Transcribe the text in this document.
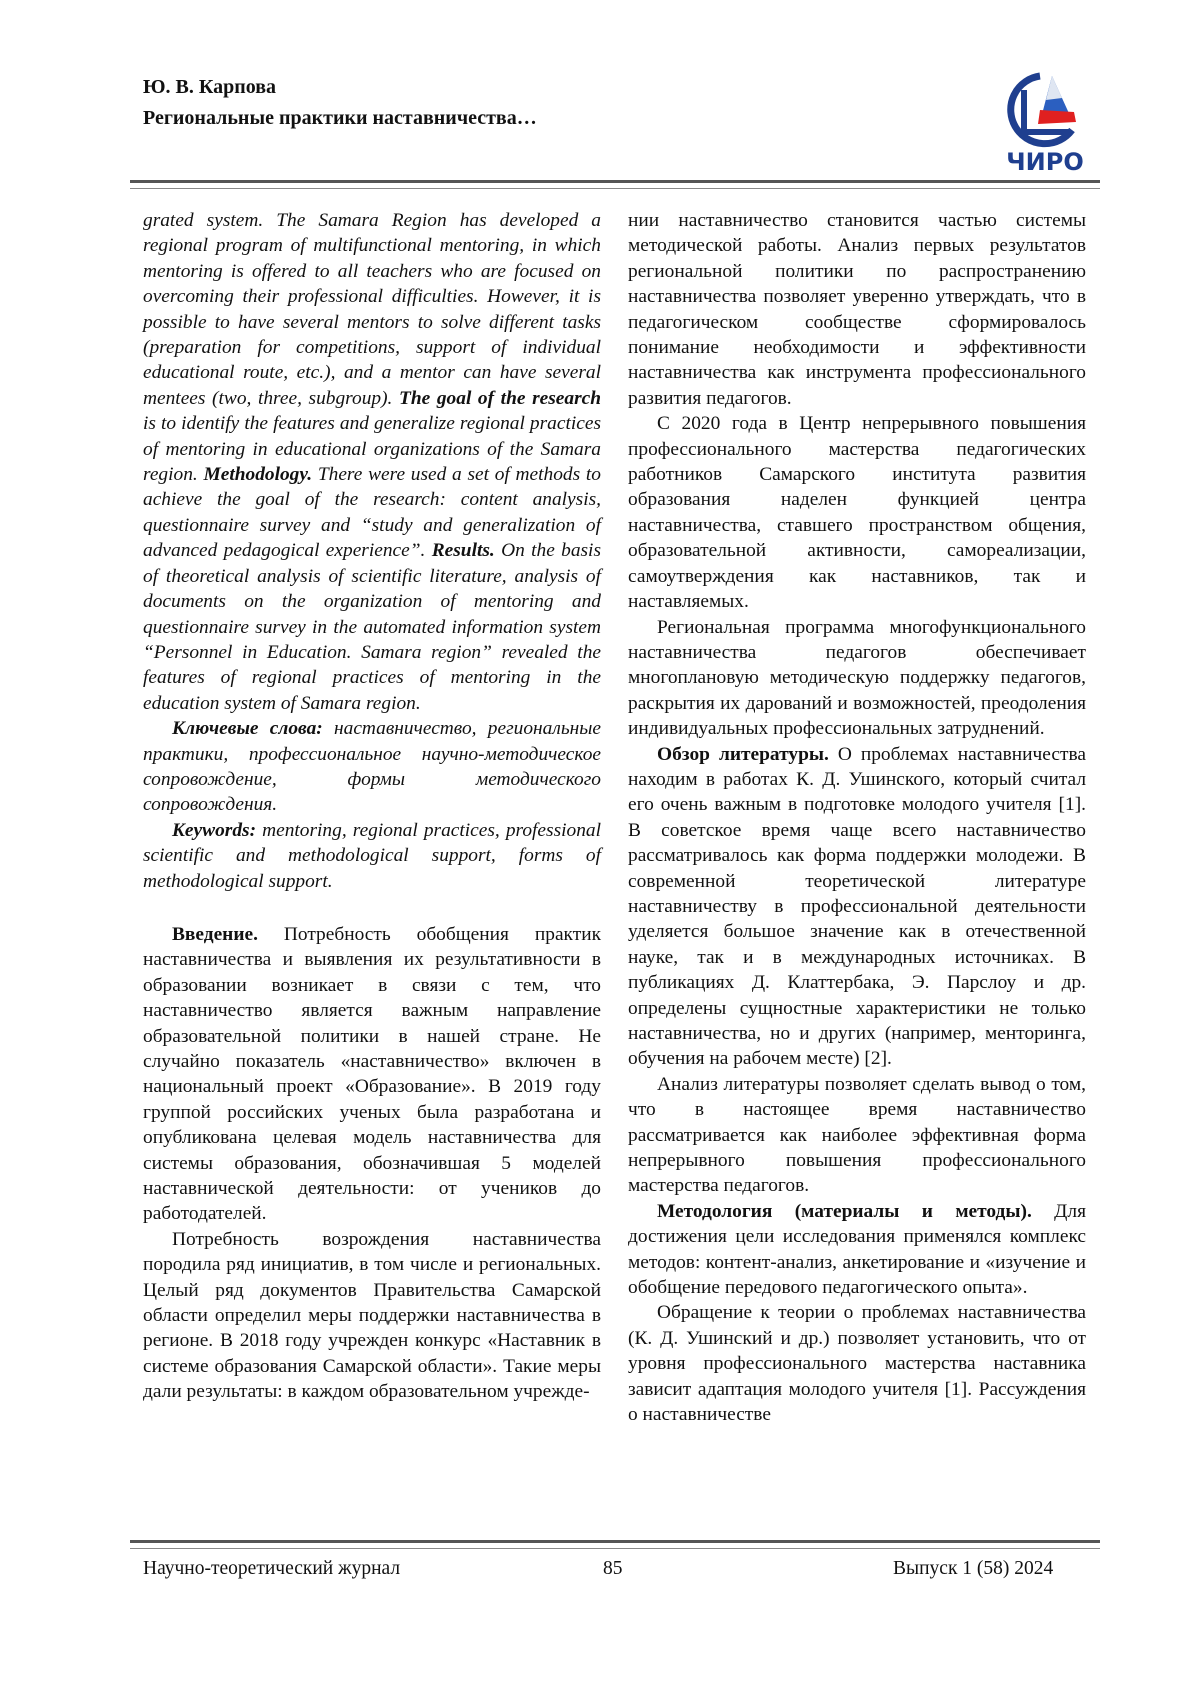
Ю. В. Карпова
Региональные практики наставничества…
ЧИРО

grated system. The Samara Region has developed a regional program of multifunctional mentoring, in which mentoring is offered to all teachers who are focused on overcoming their professional difficulties. However, it is possible to have several mentors to solve different tasks (preparation for competitions, support of individual educational route, etc.), and a mentor can have several mentees (two, three, subgroup). The goal of the research is to identify the features and generalize regional practices of mentoring in educational organizations of the Samara region. Methodology. There were used a set of methods to achieve the goal of the research: content analysis, questionnaire survey and “study and generalization of advanced pedagogical experience”. Results. On the basis of theoretical analysis of scientific literature, analysis of documents on the organization of mentoring and questionnaire survey in the automated information system “Personnel in Education. Samara region” revealed the features of regional practices of mentoring in the education system of Samara region.

Ключевые слова: наставничество, региональные практики, профессиональное научно-методическое сопровождение, формы методического сопровождения.

Keywords: mentoring, regional practices, professional scientific and methodological support, forms of methodological support.

Введение. Потребность обобщения практик наставничества и выявления их результативности в образовании возникает в связи с тем, что наставничество является важным направление образовательной политики в нашей стране. Не случайно показатель «наставничество» включен в национальный проект «Образование». В 2019 году группой российских ученых была разработана и опубликована целевая модель наставничества для системы образования, обозначившая 5 моделей наставнической деятельности: от учеников до работодателей.

Потребность возрождения наставничества породила ряд инициатив, в том числе и региональных. Целый ряд документов Правительства Самарской области определил меры поддержки наставничества в регионе. В 2018 году учрежден конкурс «Наставник в системе образования Самарской области». Такие меры дали результаты: в каждом образовательном учрежде-

нии наставничество становится частью системы методической работы. Анализ первых результатов региональной политики по распространению наставничества позволяет уверенно утверждать, что в педагогическом сообществе сформировалось понимание необходимости и эффективности наставничества как инструмента профессионального развития педагогов.

С 2020 года в Центр непрерывного повышения профессионального мастерства педагогических работников Самарского института развития образования наделен функцией центра наставничества, ставшего пространством общения, образовательной активности, самореализации, самоутверждения как наставников, так и наставляемых.

Региональная программа многофункционального наставничества педагогов обеспечивает многоплановую методическую поддержку педагогов, раскрытия их дарований и возможностей, преодоления индивидуальных профессиональных затруднений.

Обзор литературы. О проблемах наставничества находим в работах К. Д. Ушинского, который считал его очень важным в подготовке молодого учителя [1]. В советское время чаще всего наставничество рассматривалось как форма поддержки молодежи. В современной теоретической литературе наставничеству в профессиональной деятельности уделяется большое значение как в отечественной науке, так и в международных источниках. В публикациях Д. Клаттербака, Э. Парслоу и др. определены сущностные характеристики не только наставничества, но и других (например, менторинга, обучения на рабочем месте) [2].

Анализ литературы позволяет сделать вывод о том, что в настоящее время наставничество рассматривается как наиболее эффективная форма непрерывного повышения профессионального мастерства педагогов.

Методология (материалы и методы). Для достижения цели исследования применялся комплекс методов: контент-анализ, анкетирование и «изучение и обобщение передового педагогического опыта».

Обращение к теории о проблемах наставничества (К. Д. Ушинский и др.) позволяет установить, что от уровня профессионального мастерства наставника зависит адаптация молодого учителя [1]. Рассуждения о наставничестве

Научно-теоретический журнал	85	Выпуск 1 (58) 2024
